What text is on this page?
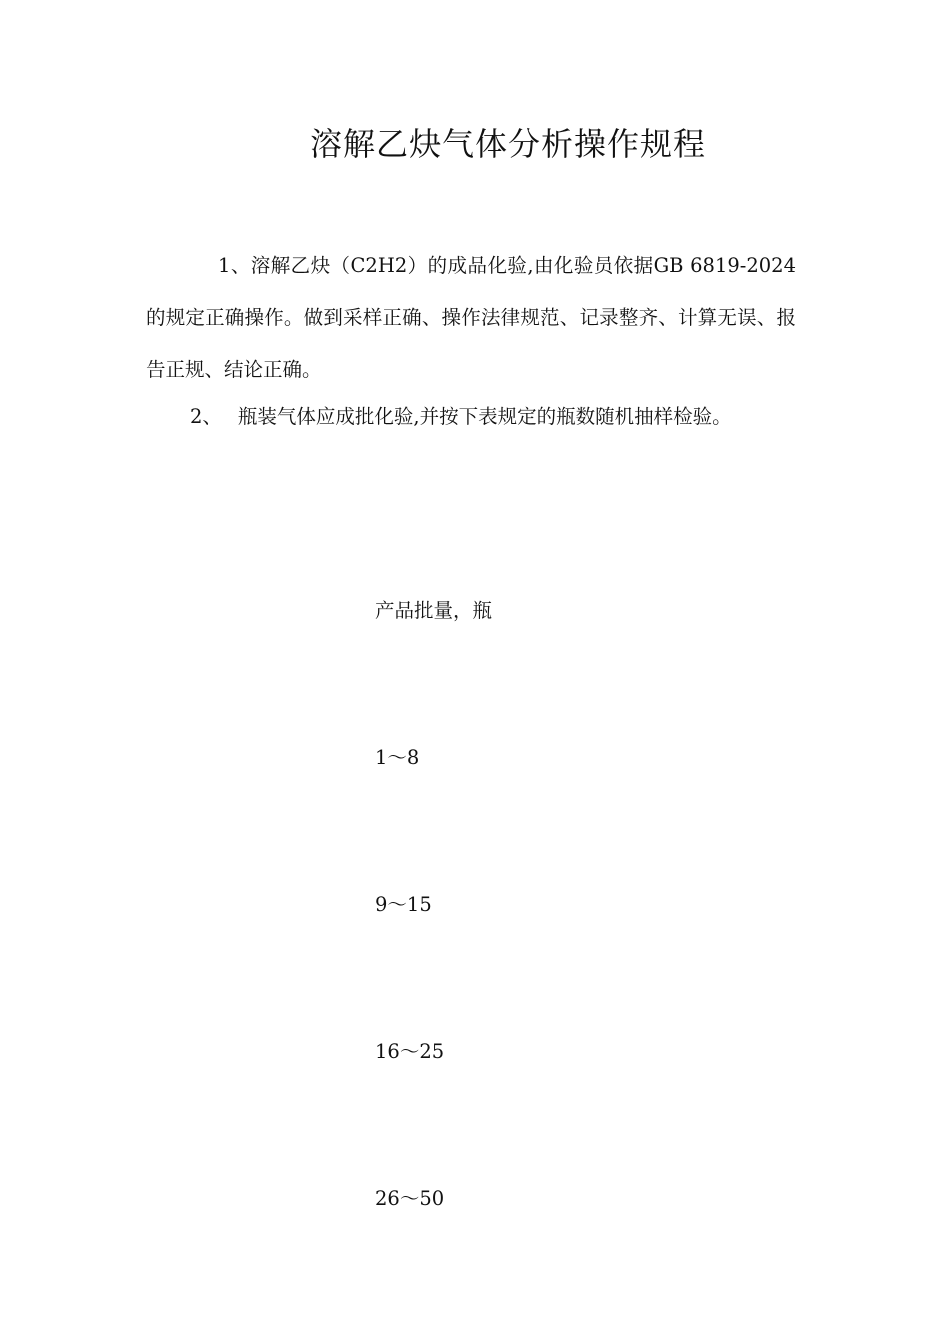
溶解乙炔气体分析操作规程

1、溶解乙炔（C2H2）的成品化验,由化验员依据GB 6819-2024的规定正确操作。做到采样正确、操作法律规范、记录整齐、计算无误、报告正规、结论正确。

2、 瓶装气体应成批化验,并按下表规定的瓶数随机抽样检验。

产品批量，瓶
1～8
9～15
16～25
26～50
